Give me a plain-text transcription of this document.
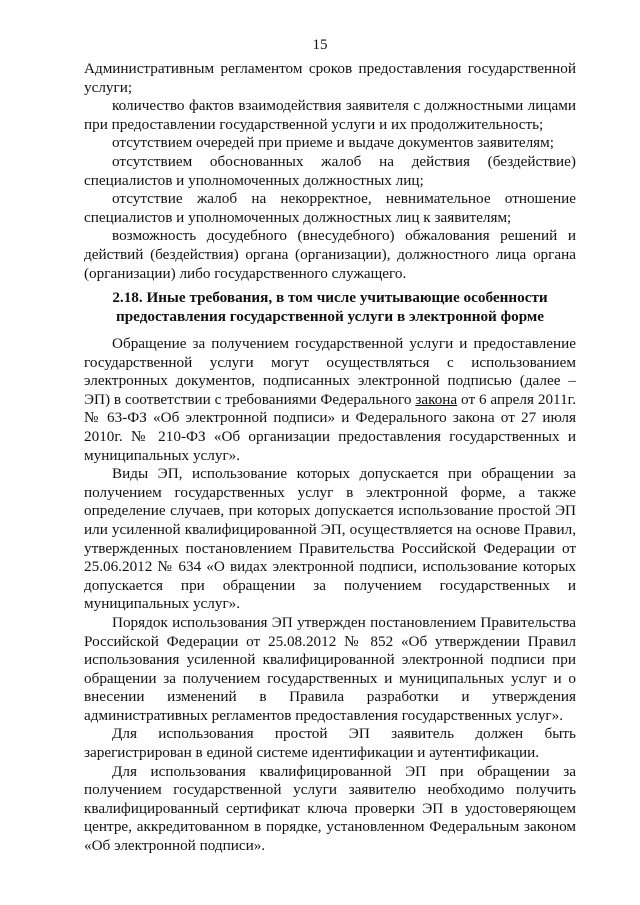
15

Административным регламентом сроков предоставления государственной услуги;

количество фактов взаимодействия заявителя с должностными лицами при предоставлении государственной услуги и их продолжительность;

отсутствием очередей при приеме и выдаче документов заявителям;

отсутствием обоснованных жалоб на действия (бездействие) специалистов и уполномоченных должностных лиц;

отсутствие жалоб на некорректное, невнимательное отношение специалистов и уполномоченных должностных лиц к заявителям;

возможность досудебного (внесудебного) обжалования решений и действий (бездействия) органа (организации), должностного лица органа (организации) либо государственного служащего.

2.18. Иные требования, в том числе учитывающие особенности
предоставления государственной услуги в электронной форме

Обращение за получением государственной услуги и предоставление государственной услуги могут осуществляться с использованием электронных документов, подписанных электронной подписью (далее – ЭП) в соответствии с требованиями Федерального закона от 6 апреля 2011г. № 63-ФЗ «Об электронной подписи» и Федерального закона от 27 июля 2010г. № 210-ФЗ «Об организации предоставления государственных и муниципальных услуг».

Виды ЭП, использование которых допускается при обращении за получением государственных услуг в электронной форме, а также определение случаев, при которых допускается использование простой ЭП или усиленной квалифицированной ЭП, осуществляется на основе Правил, утвержденных постановлением Правительства Российской Федерации от 25.06.2012 № 634 «О видах электронной подписи, использование которых допускается при обращении за получением государственных и муниципальных услуг».

Порядок использования ЭП утвержден постановлением Правительства Российской Федерации от 25.08.2012 № 852 «Об утверждении Правил использования усиленной квалифицированной электронной подписи при обращении за получением государственных и муниципальных услуг и о внесении изменений в Правила разработки и утверждения административных регламентов предоставления государственных услуг».

Для использования простой ЭП заявитель должен быть зарегистрирован в единой системе идентификации и аутентификации.

Для использования квалифицированной ЭП при обращении за получением государственной услуги заявителю необходимо получить квалифицированный сертификат ключа проверки ЭП в удостоверяющем центре, аккредитованном в порядке, установленном Федеральным законом «Об электронной подписи».
